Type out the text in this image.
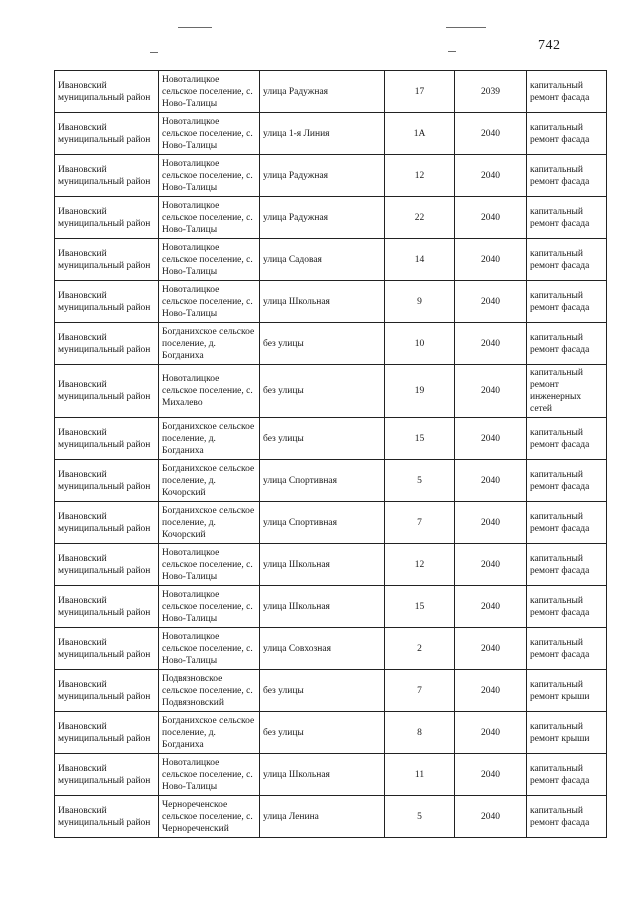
742
Ивановский муниципальный район	Новоталицкое сельское поселение, с. Ново-Талицы	улица Радужная	17	2039	капитальный ремонт фасада
Ивановский муниципальный район	Новоталицкое сельское поселение, с. Ново-Талицы	улица 1-я Линия	1А	2040	капитальный ремонт фасада
Ивановский муниципальный район	Новоталицкое сельское поселение, с. Ново-Талицы	улица Радужная	12	2040	капитальный ремонт фасада
Ивановский муниципальный район	Новоталицкое сельское поселение, с. Ново-Талицы	улица Радужная	22	2040	капитальный ремонт фасада
Ивановский муниципальный район	Новоталицкое сельское поселение, с. Ново-Талицы	улица Садовая	14	2040	капитальный ремонт фасада
Ивановский муниципальный район	Новоталицкое сельское поселение, с. Ново-Талицы	улица Школьная	9	2040	капитальный ремонт фасада
Ивановский муниципальный район	Богданихское сельское поселение, д. Богданиха	без улицы	10	2040	капитальный ремонт фасада
Ивановский муниципальный район	Новоталицкое сельское поселение, с. Михалево	без улицы	19	2040	капитальный ремонт инженерных сетей
Ивановский муниципальный район	Богданихское сельское поселение, д. Богданиха	без улицы	15	2040	капитальный ремонт фасада
Ивановский муниципальный район	Богданихское сельское поселение, д. Кочорский	улица Спортивная	5	2040	капитальный ремонт фасада
Ивановский муниципальный район	Богданихское сельское поселение, д. Кочорский	улица Спортивная	7	2040	капитальный ремонт фасада
Ивановский муниципальный район	Новоталицкое сельское поселение, с. Ново-Талицы	улица Школьная	12	2040	капитальный ремонт фасада
Ивановский муниципальный район	Новоталицкое сельское поселение, с. Ново-Талицы	улица Школьная	15	2040	капитальный ремонт фасада
Ивановский муниципальный район	Новоталицкое сельское поселение, с. Ново-Талицы	улица Совхозная	2	2040	капитальный ремонт фасада
Ивановский муниципальный район	Подвязновское сельское поселение, с. Подвязновский	без улицы	7	2040	капитальный ремонт крыши
Ивановский муниципальный район	Богданихское сельское поселение, д. Богданиха	без улицы	8	2040	капитальный ремонт крыши
Ивановский муниципальный район	Новоталицкое сельское поселение, с. Ново-Талицы	улица Школьная	11	2040	капитальный ремонт фасада
Ивановский муниципальный район	Чернореченское сельское поселение, с. Чернореченский	улица Ленина	5	2040	капитальный ремонт фасада
